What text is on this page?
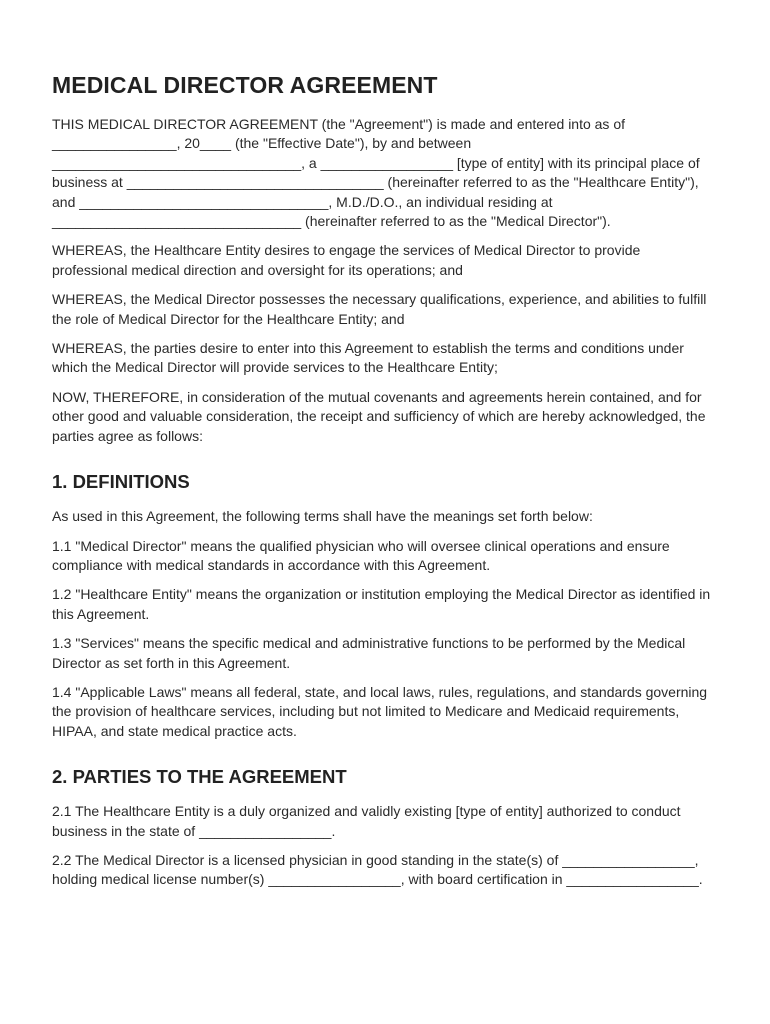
MEDICAL DIRECTOR AGREEMENT

THIS MEDICAL DIRECTOR AGREEMENT (the "Agreement") is made and entered into as of ________________, 20____ (the "Effective Date"), by and between ________________________________, a _________________ [type of entity] with its principal place of business at _________________________________ (hereinafter referred to as the "Healthcare Entity"), and ________________________________, M.D./D.O., an individual residing at ________________________________ (hereinafter referred to as the "Medical Director").

WHEREAS, the Healthcare Entity desires to engage the services of Medical Director to provide professional medical direction and oversight for its operations; and

WHEREAS, the Medical Director possesses the necessary qualifications, experience, and abilities to fulfill the role of Medical Director for the Healthcare Entity; and

WHEREAS, the parties desire to enter into this Agreement to establish the terms and conditions under which the Medical Director will provide services to the Healthcare Entity;

NOW, THEREFORE, in consideration of the mutual covenants and agreements herein contained, and for other good and valuable consideration, the receipt and sufficiency of which are hereby acknowledged, the parties agree as follows:

1. DEFINITIONS

As used in this Agreement, the following terms shall have the meanings set forth below:

1.1 "Medical Director" means the qualified physician who will oversee clinical operations and ensure compliance with medical standards in accordance with this Agreement.

1.2 "Healthcare Entity" means the organization or institution employing the Medical Director as identified in this Agreement.

1.3 "Services" means the specific medical and administrative functions to be performed by the Medical Director as set forth in this Agreement.

1.4 "Applicable Laws" means all federal, state, and local laws, rules, regulations, and standards governing the provision of healthcare services, including but not limited to Medicare and Medicaid requirements, HIPAA, and state medical practice acts.

2. PARTIES TO THE AGREEMENT

2.1 The Healthcare Entity is a duly organized and validly existing [type of entity] authorized to conduct business in the state of _________________.

2.2 The Medical Director is a licensed physician in good standing in the state(s) of _________________, holding medical license number(s) _________________, with board certification in _________________.
